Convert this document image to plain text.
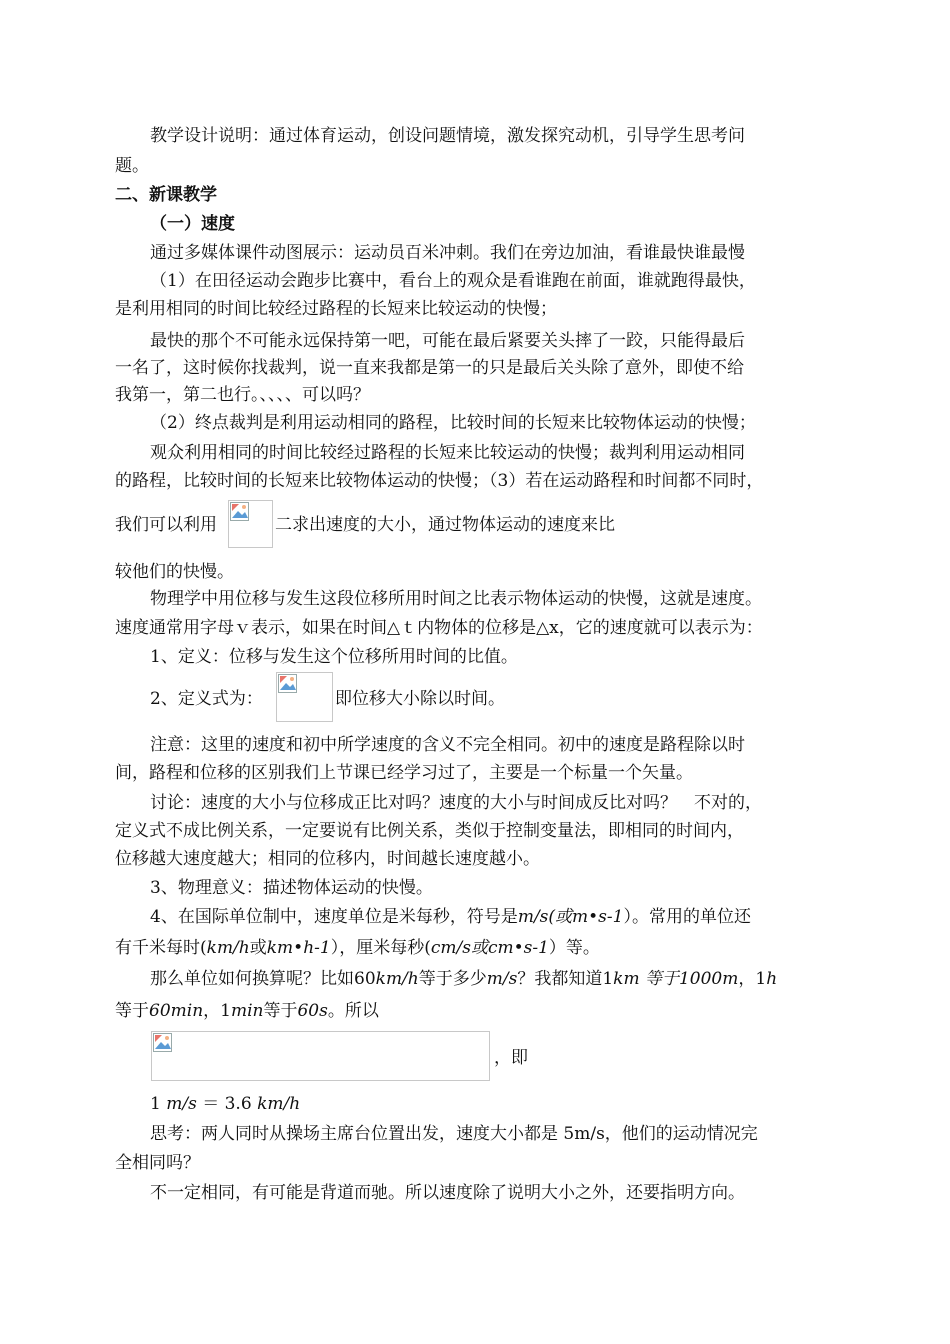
教学设计说明：通过体育运动，创设问题情境，激发探究动机，引导学生思考问
题。
二、新课教学
（一）速度
通过多媒体课件动图展示：运动员百米冲刺。我们在旁边加油，看谁最快谁最慢
（1）在田径运动会跑步比赛中，看台上的观众是看谁跑在前面，谁就跑得最快，
是利用相同的时间比较经过路程的长短来比较运动的快慢；
最快的那个不可能永远保持第一吧，可能在最后紧要关头摔了一跤，只能得最后
一名了，这时候你找裁判，说一直来我都是第一的只是最后关头除了意外，即使不给
我第一，第二也行。、、、、可以吗？
（2）终点裁判是利用运动相同的路程，比较时间的长短来比较物体运动的快慢；
观众利用相同的时间比较经过路程的长短来比较运动的快慢；裁判利用运动相同
的路程，比较时间的长短来比较物体运动的快慢；（3）若在运动路程和时间都不同时，
我们可以利用	二求出速度的大小，通过物体运动的速度来比
较他们的快慢。
物理学中用位移与发生这段位移所用时间之比表示物体运动的快慢，这就是速度。
速度通常用字母ｖ表示，如果在时间△ｔ内物体的位移是△x，它的速度就可以表示为：
1、定义：位移与发生这个位移所用时间的比值。
2、定义式为：	即位移大小除以时间。
注意：这里的速度和初中所学速度的含义不完全相同。初中的速度是路程除以时
间，路程和位移的区别我们上节课已经学习过了，主要是一个标量一个矢量。
讨论：速度的大小与位移成正比对吗？速度的大小与时间成反比对吗？　不对的，
定义式不成比例关系，一定要说有比例关系，类似于控制变量法，即相同的时间内，
位移越大速度越大；相同的位移内，时间越长速度越小。
3、物理意义：描述物体运动的快慢。
4、在国际单位制中，速度单位是米每秒，符号是m/s(或m•s-1）。常用的单位还
有千米每时(km/h或km•h-1），厘米每秒(cm/s或cm•s-1）等。
那么单位如何换算呢？比如60km/h等于多少m/s？我都知道1km 等于1000m，1h
等于60min，1min等于60s。所以
，即
1 m/s ＝ 3.6 km/h
思考：两人同时从操场主席台位置出发，速度大小都是 5m/s，他们的运动情况完
全相同吗？
不一定相同，有可能是背道而驰。所以速度除了说明大小之外，还要指明方向。
